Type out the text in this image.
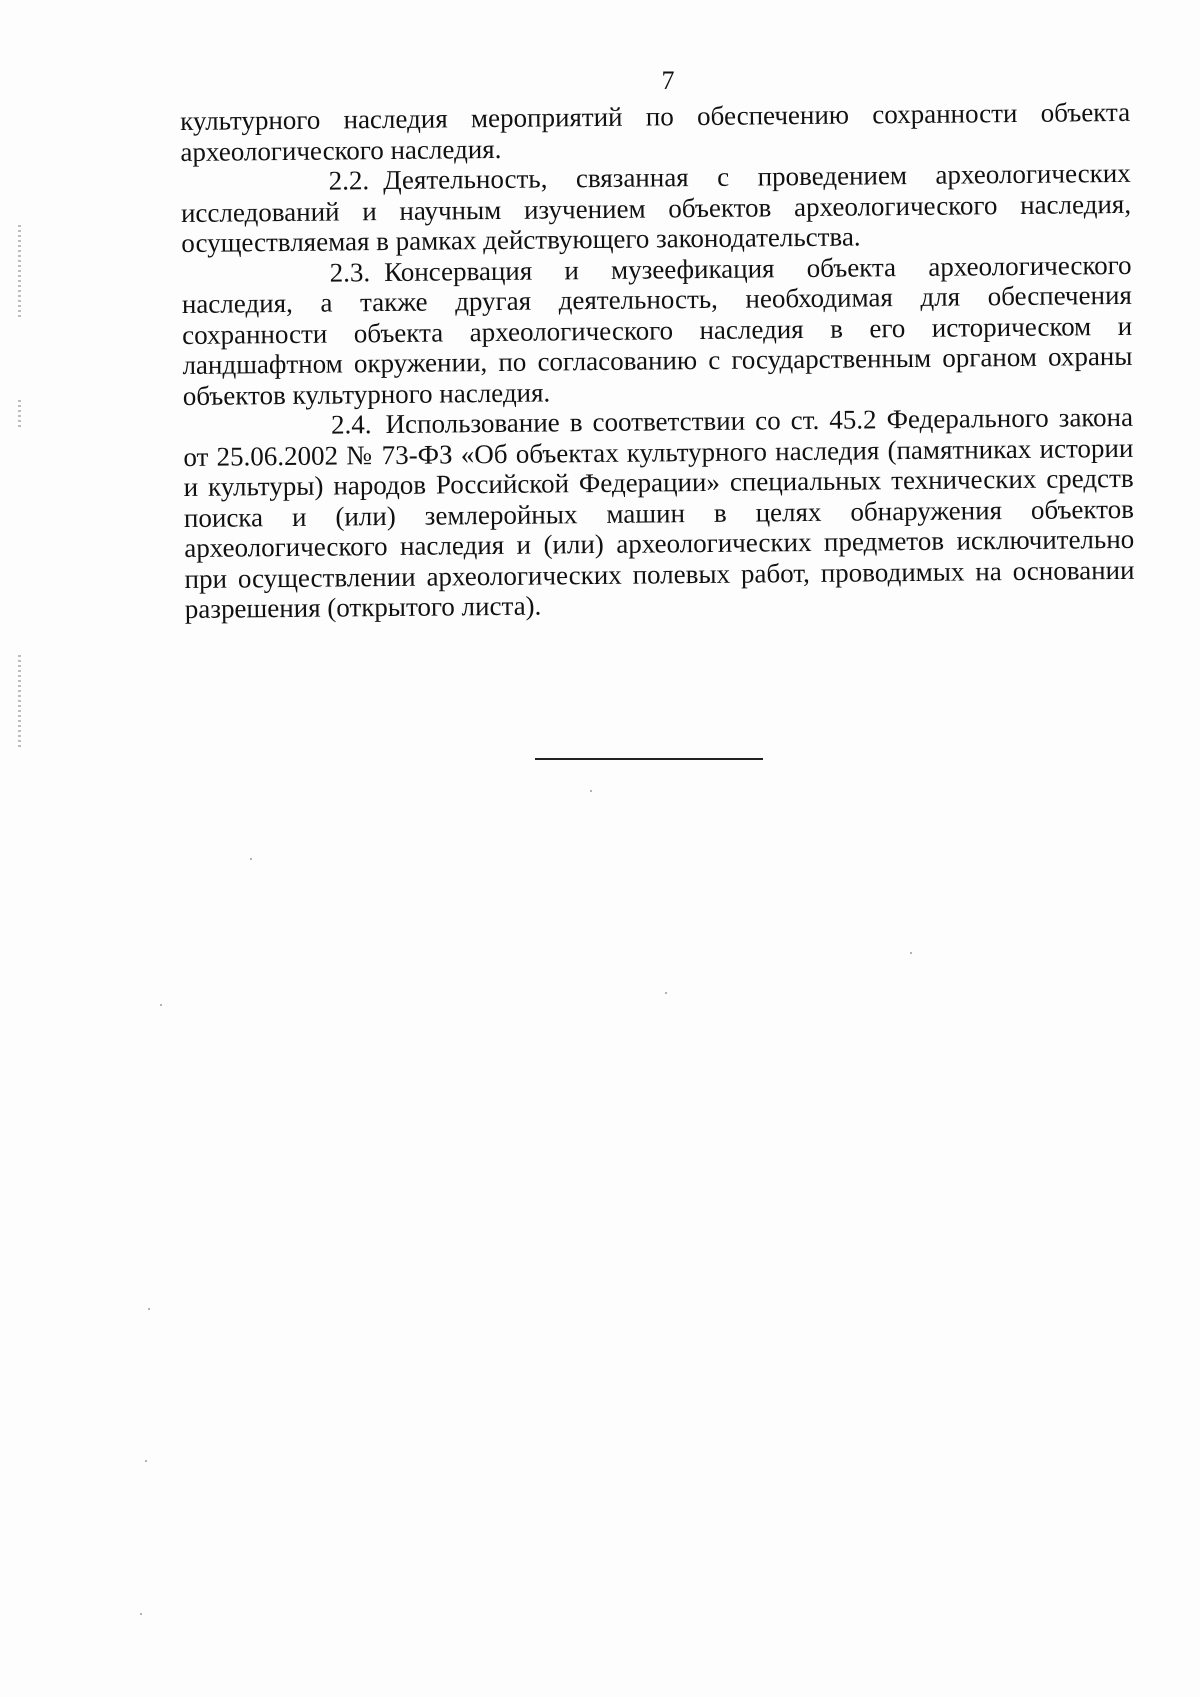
7

культурного наследия мероприятий по обеспечению сохранности объекта археологического наследия.

2.2. Деятельность, связанная с проведением археологических исследований и научным изучением объектов археологического наследия, осуществляемая в рамках действующего законодательства.

2.3. Консервация и музеефикация объекта археологического наследия, а также другая деятельность, необходимая для обеспечения сохранности объекта археологического наследия в его историческом и ландшафтном окружении, по согласованию с государственным органом охраны объектов культурного наследия.

2.4. Использование в соответствии со ст. 45.2 Федерального закона от 25.06.2002 № 73-ФЗ «Об объектах культурного наследия (памятниках истории и культуры) народов Российской Федерации» специальных технических средств поиска и (или) землеройных машин в целях обнаружения объектов археологического наследия и (или) археологических предметов исключительно при осуществлении археологических полевых работ, проводимых на основании разрешения (открытого листа).
